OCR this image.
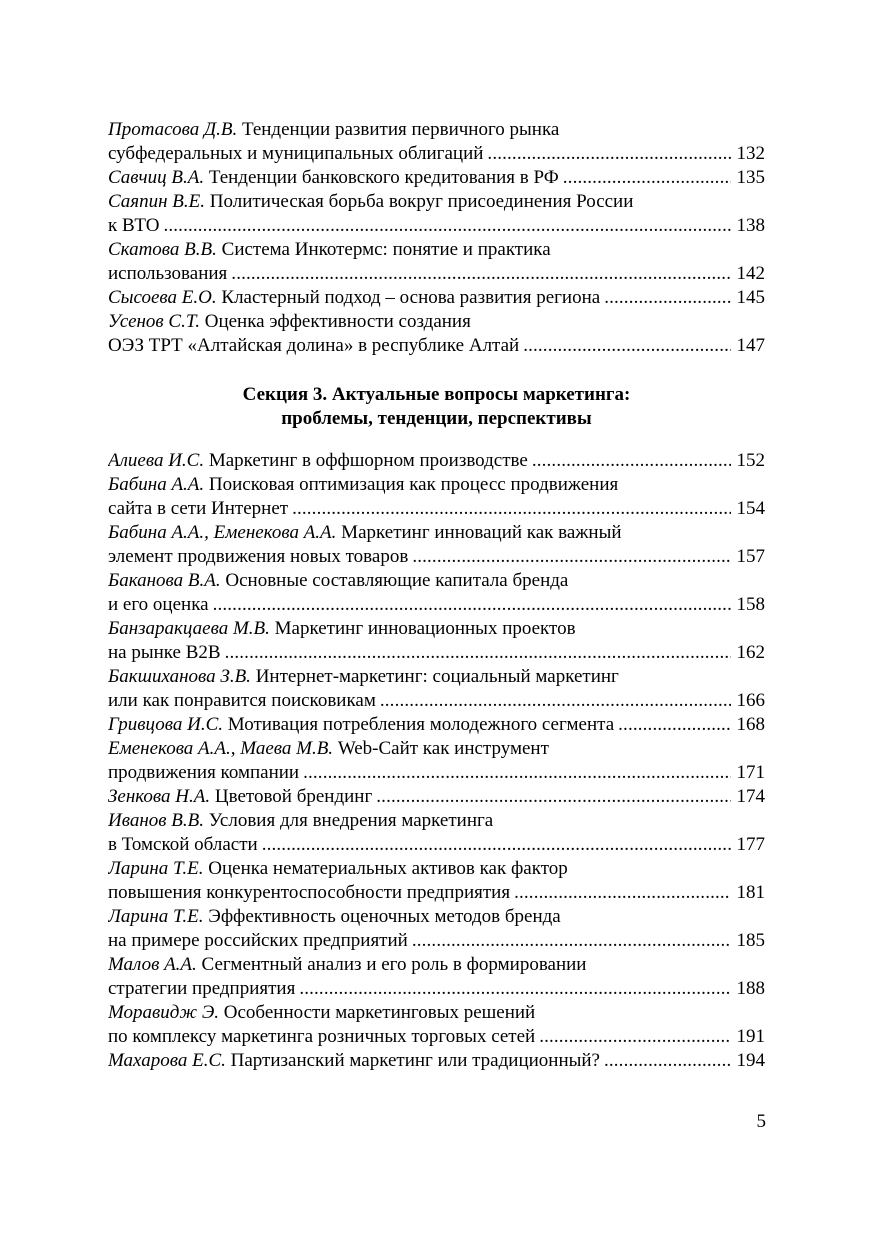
Протасова Д.В. Тенденции развития первичного рынка
субфедеральных и муниципальных облигаций . . .	132
Савчиц В.А. Тенденции банковского кредитования в РФ . . .	135
Саяпин В.Е. Политическая борьба вокруг присоединения России
к ВТО . . .	138
Скатова В.В. Система Инкотермс: понятие и практика
использования . . .	142
Сысоева Е.О. Кластерный подход – основа развития региона . . .	145
Усенов С.Т. Оценка эффективности создания
ОЭЗ ТРТ «Алтайская долина» в республике Алтай . . .	147
Секция 3. Актуальные вопросы маркетинга:
проблемы, тенденции, перспективы
Алиева И.С. Маркетинг в оффшорном производстве . . .	152
Бабина А.А. Поисковая оптимизация как процесс продвижения
сайта в сети Интернет . . .	154
Бабина А.А., Еменекова А.А. Маркетинг инноваций как важный
элемент продвижения новых товаров . . .	157
Баканова В.А. Основные составляющие капитала бренда
и его оценка . . .	158
Банзаракцаева М.В. Маркетинг инновационных проектов
на рынке В2В . . .	162
Бакшиханова З.В. Интернет-маркетинг: социальный маркетинг
или как понравится поисковикам . . .	166
Гривцова И.С. Мотивация потребления молодежного сегмента . . .	168
Еменекова А.А., Маева М.В. Web-Сайт как инструмент
продвижения компании . . .	171
Зенкова Н.А. Цветовой брендинг . . .	174
Иванов В.В. Условия для внедрения маркетинга
в Томской области . . .	177
Ларина Т.Е. Оценка нематериальных активов как фактор
повышения конкурентоспособности предприятия . . .	181
Ларина Т.Е. Эффективность оценочных методов бренда
на примере российских предприятий . . .	185
Малов А.А. Сегментный анализ и его роль в формировании
стратегии предприятия . . .	188
Моравидж Э. Особенности маркетинговых решений
по комплексу маркетинга розничных торговых сетей . . .	191
Махарова Е.С. Партизанский маркетинг или традиционный? . . .	194
5
